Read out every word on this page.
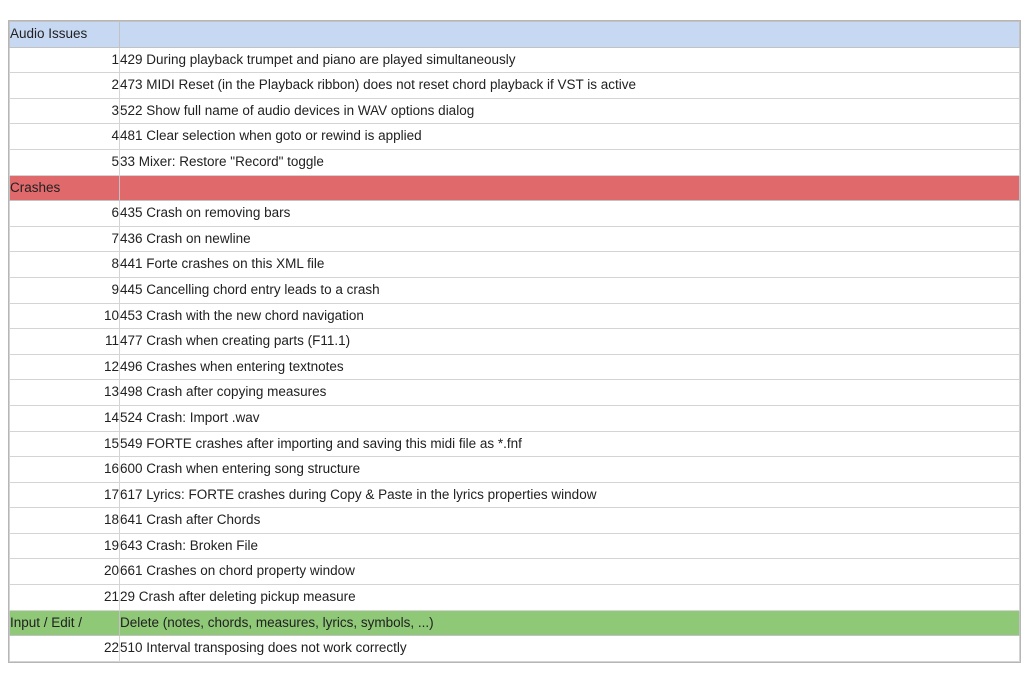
Audio Issues	
1	429 During playback trumpet and piano are played simultaneously
2	473 MIDI Reset (in the Playback ribbon) does not reset chord playback if VST is active
3	522 Show full name of audio devices in WAV options dialog
4	481 Clear selection when goto or rewind is applied
5	33 Mixer: Restore "Record" toggle
Crashes	
6	435 Crash on removing bars
7	436 Crash on newline
8	441 Forte crashes on this XML file
9	445 Cancelling chord entry leads to a crash
10	453 Crash with the new chord navigation
11	477 Crash when creating parts (F11.1)
12	496 Crashes when entering textnotes
13	498 Crash after copying measures
14	524 Crash: Import .wav
15	549 FORTE crashes after importing and saving this midi file as *.fnf
16	600 Crash when entering song structure
17	617 Lyrics: FORTE crashes during Copy & Paste in the lyrics properties window
18	641 Crash after Chords
19	643 Crash: Broken File
20	661 Crashes on chord property window
21	29 Crash after deleting pickup measure
Input / Edit /	Delete (notes, chords, measures, lyrics, symbols, ...)
22	510 Interval transposing does not work correctly
